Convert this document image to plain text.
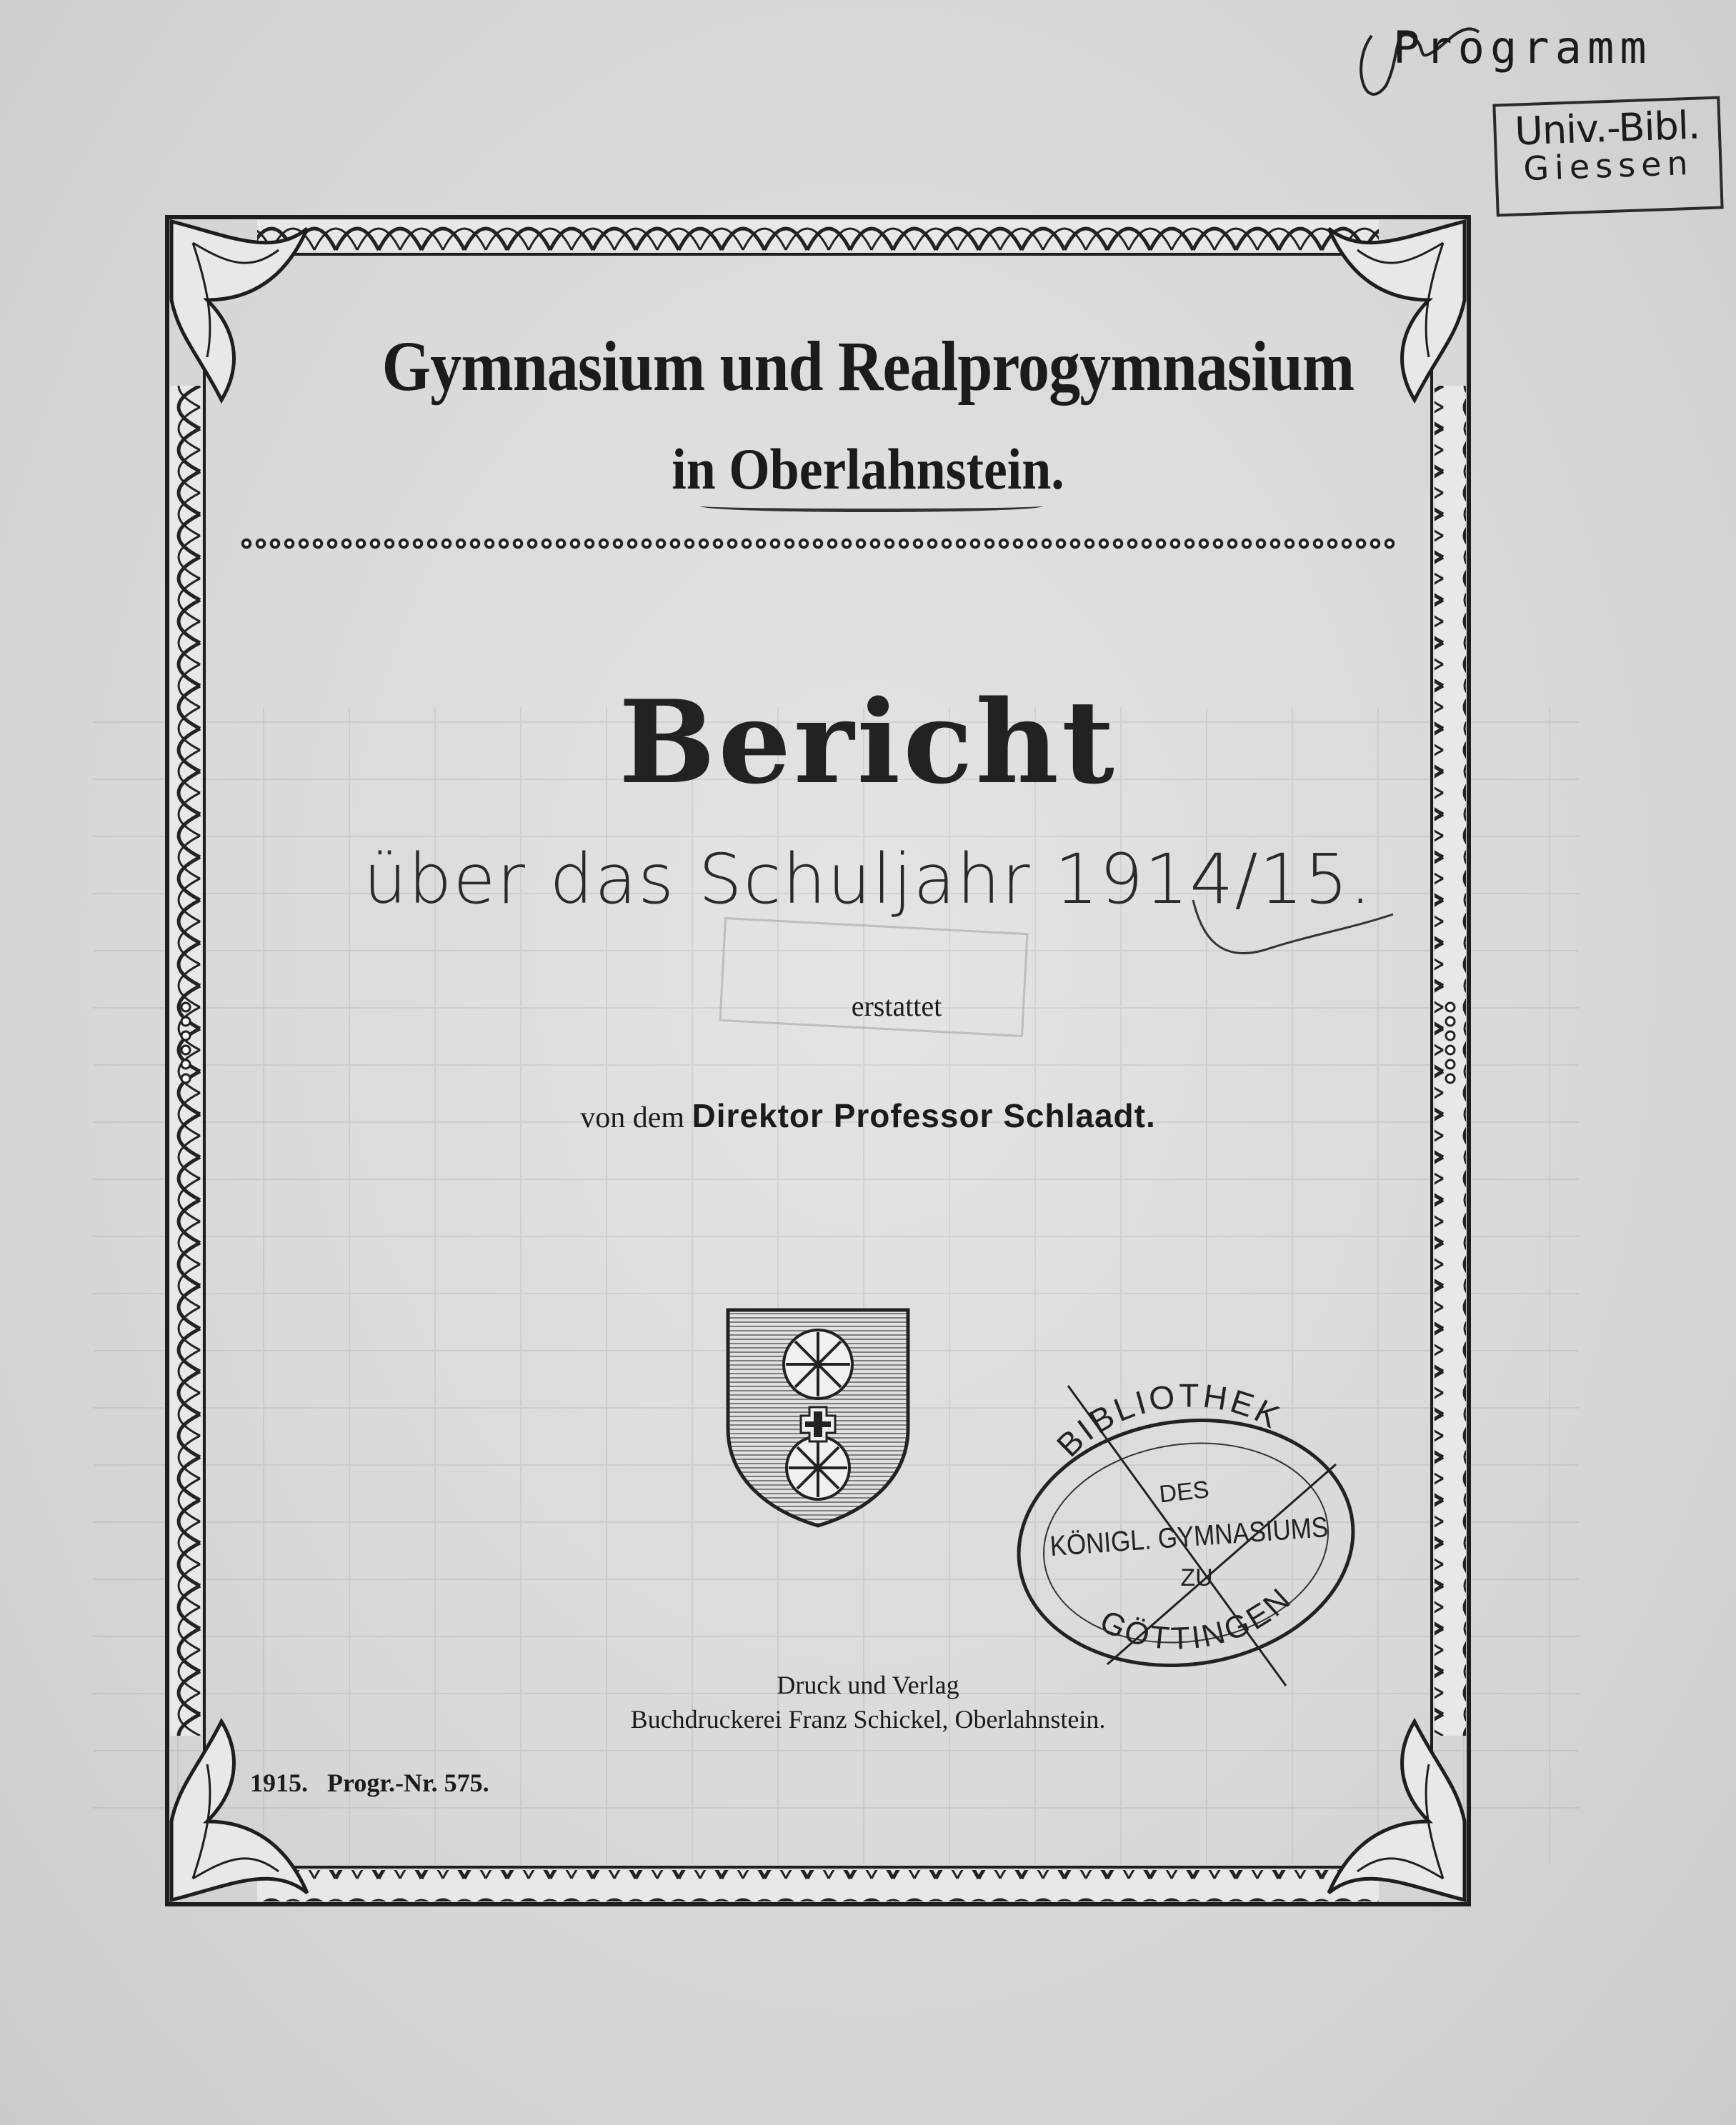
Programm
Univ.-Bibl.
Giessen
Gymnasium und Realprogymnasium
in Oberlahnstein.
Bericht
über das Schuljahr 1914/15.
erstattet
von dem Direktor Professor Schlaadt.
BIBLIOTHEK
DES
KÖNIGL. GYMNASIUMS
ZU
GÖTTINGEN
Druck und Verlag
Buchdruckerei Franz Schickel, Oberlahnstein.
1915.   Progr.-Nr. 575.
